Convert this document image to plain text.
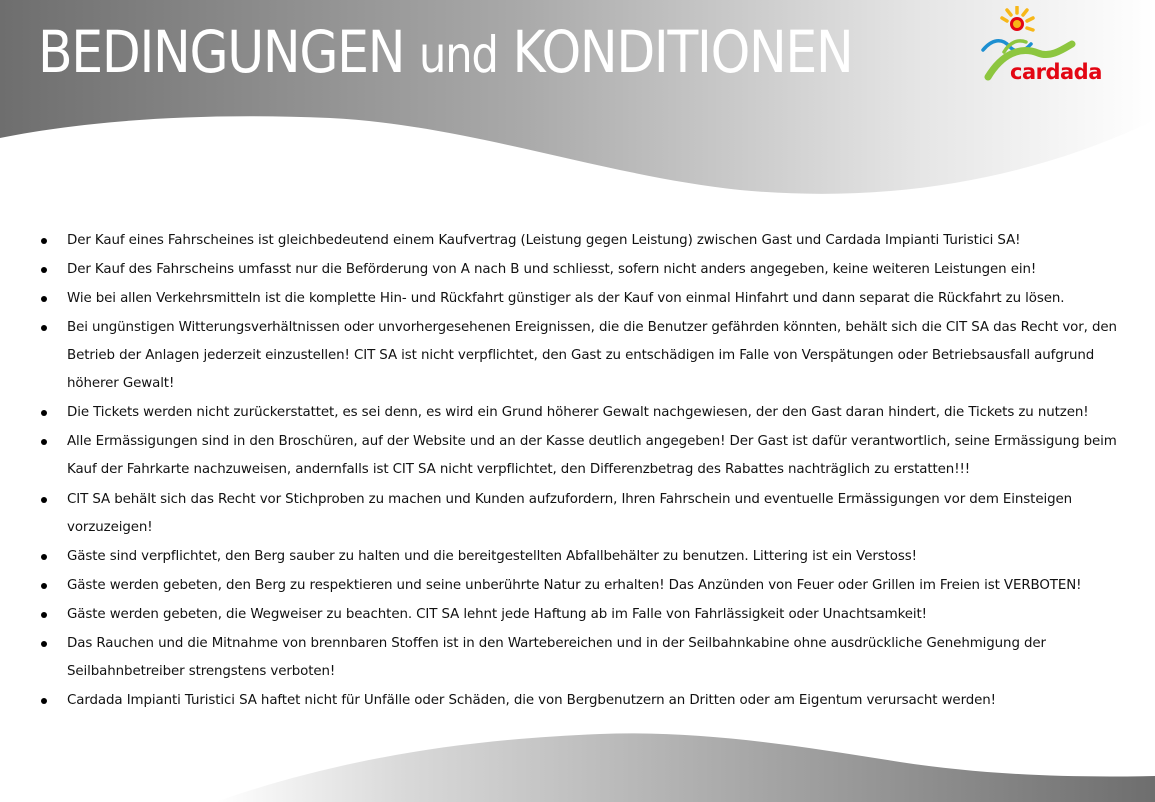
BEDINGUNGEN und KONDITIONEN	cardada
Der Kauf eines Fahrscheines ist gleichbedeutend einem Kaufvertrag (Leistung gegen Leistung) zwischen Gast und Cardada Impianti Turistici SA!
Der Kauf des Fahrscheins umfasst nur die Beförderung von A nach B und schliesst, sofern nicht anders angegeben, keine weiteren Leistungen ein!
Wie bei allen Verkehrsmitteln ist die komplette Hin- und Rückfahrt günstiger als der Kauf von einmal Hinfahrt und dann separat die Rückfahrt zu lösen.
Bei ungünstigen Witterungsverhältnissen oder unvorhergesehenen Ereignissen, die die Benutzer gefährden könnten, behält sich die CIT SA das Recht vor, den Betrieb der Anlagen jederzeit einzustellen! CIT SA ist nicht verpflichtet, den Gast zu entschädigen im Falle von Verspätungen oder Betriebsausfall aufgrund höherer Gewalt!
Die Tickets werden nicht zurückerstattet, es sei denn, es wird ein Grund höherer Gewalt nachgewiesen, der den Gast daran hindert, die Tickets zu nutzen!
Alle Ermässigungen sind in den Broschüren, auf der Website und an der Kasse deutlich angegeben! Der Gast ist dafür verantwortlich, seine Ermässigung beim Kauf der Fahrkarte nachzuweisen, andernfalls ist CIT SA nicht verpflichtet, den Differenzbetrag des Rabattes nachträglich zu erstatten!!!
CIT SA behält sich das Recht vor Stichproben zu machen und Kunden aufzufordern, Ihren Fahrschein und eventuelle Ermässigungen vor dem Einsteigen vorzuzeigen!
Gäste sind verpflichtet, den Berg sauber zu halten und die bereitgestellten Abfallbehälter zu benutzen. Littering ist ein Verstoss!
Gäste werden gebeten, den Berg zu respektieren und seine unberührte Natur zu erhalten! Das Anzünden von Feuer oder Grillen im Freien ist VERBOTEN!
Gäste werden gebeten, die Wegweiser zu beachten. CIT SA lehnt jede Haftung ab im Falle von Fahrlässigkeit oder Unachtsamkeit!
Das Rauchen und die Mitnahme von brennbaren Stoffen ist in den Wartebereichen und in der Seilbahnkabine ohne ausdrückliche Genehmigung der Seilbahnbetreiber strengstens verboten!
Cardada Impianti Turistici SA haftet nicht für Unfälle oder Schäden, die von Bergbenutzern an Dritten oder am Eigentum verursacht werden!
